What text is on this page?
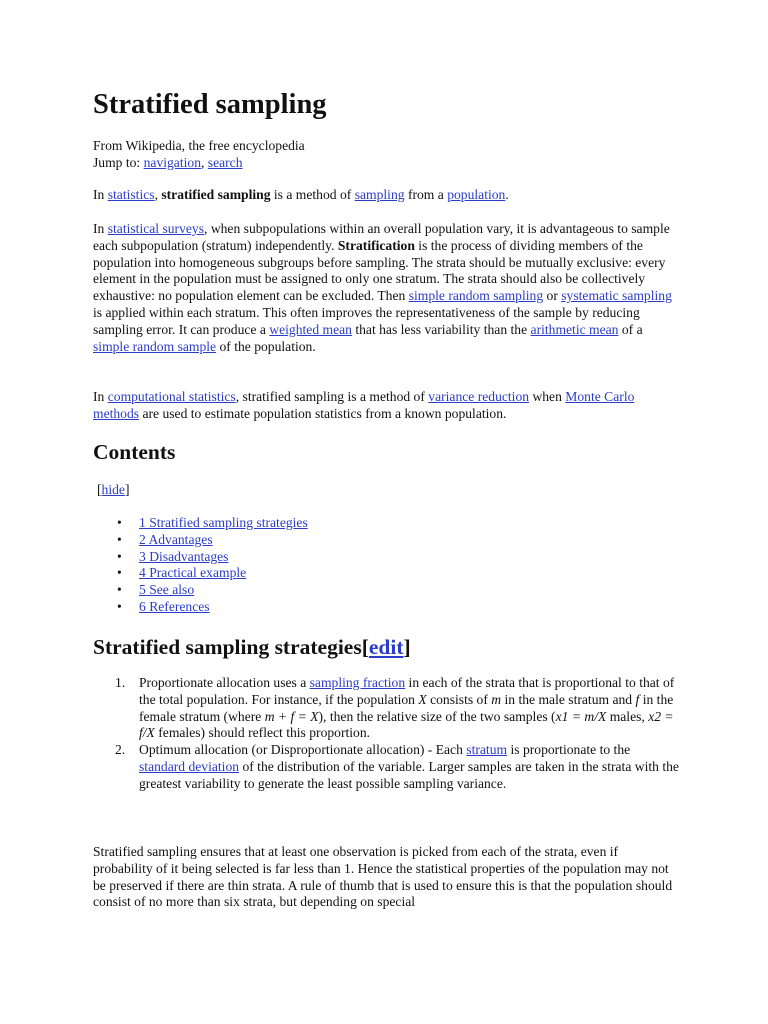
Stratified sampling
From Wikipedia, the free encyclopedia
Jump to: navigation, search

In statistics, stratified sampling is a method of sampling from a population.

In statistical surveys, when subpopulations within an overall population vary, it is advantageous to sample each subpopulation (stratum) independently. Stratification is the process of dividing members of the population into homogeneous subgroups before sampling. The strata should be mutually exclusive: every element in the population must be assigned to only one stratum. The strata should also be collectively exhaustive: no population element can be excluded. Then simple random sampling or systematic sampling is applied within each stratum. This often improves the representativeness of the sample by reducing sampling error. It can produce a weighted mean that has less variability than the arithmetic mean of a simple random sample of the population.

In computational statistics, stratified sampling is a method of variance reduction when Monte Carlo methods are used to estimate population statistics from a known population.

Contents
[hide]
• 1 Stratified sampling strategies
• 2 Advantages
• 3 Disadvantages
• 4 Practical example
• 5 See also
• 6 References
Stratified sampling strategies[edit]
1. Proportionate allocation uses a sampling fraction in each of the strata that is proportional to that of the total population. For instance, if the population X consists of m in the male stratum and f in the female stratum (where m + f = X), then the relative size of the two samples (x1 = m/X males, x2 = f/X females) should reflect this proportion.
2. Optimum allocation (or Disproportionate allocation) - Each stratum is proportionate to the standard deviation of the distribution of the variable. Larger samples are taken in the strata with the greatest variability to generate the least possible sampling variance.

Stratified sampling ensures that at least one observation is picked from each of the strata, even if probability of it being selected is far less than 1. Hence the statistical properties of the population may not be preserved if there are thin strata. A rule of thumb that is used to ensure this is that the population should consist of no more than six strata, but depending on special
